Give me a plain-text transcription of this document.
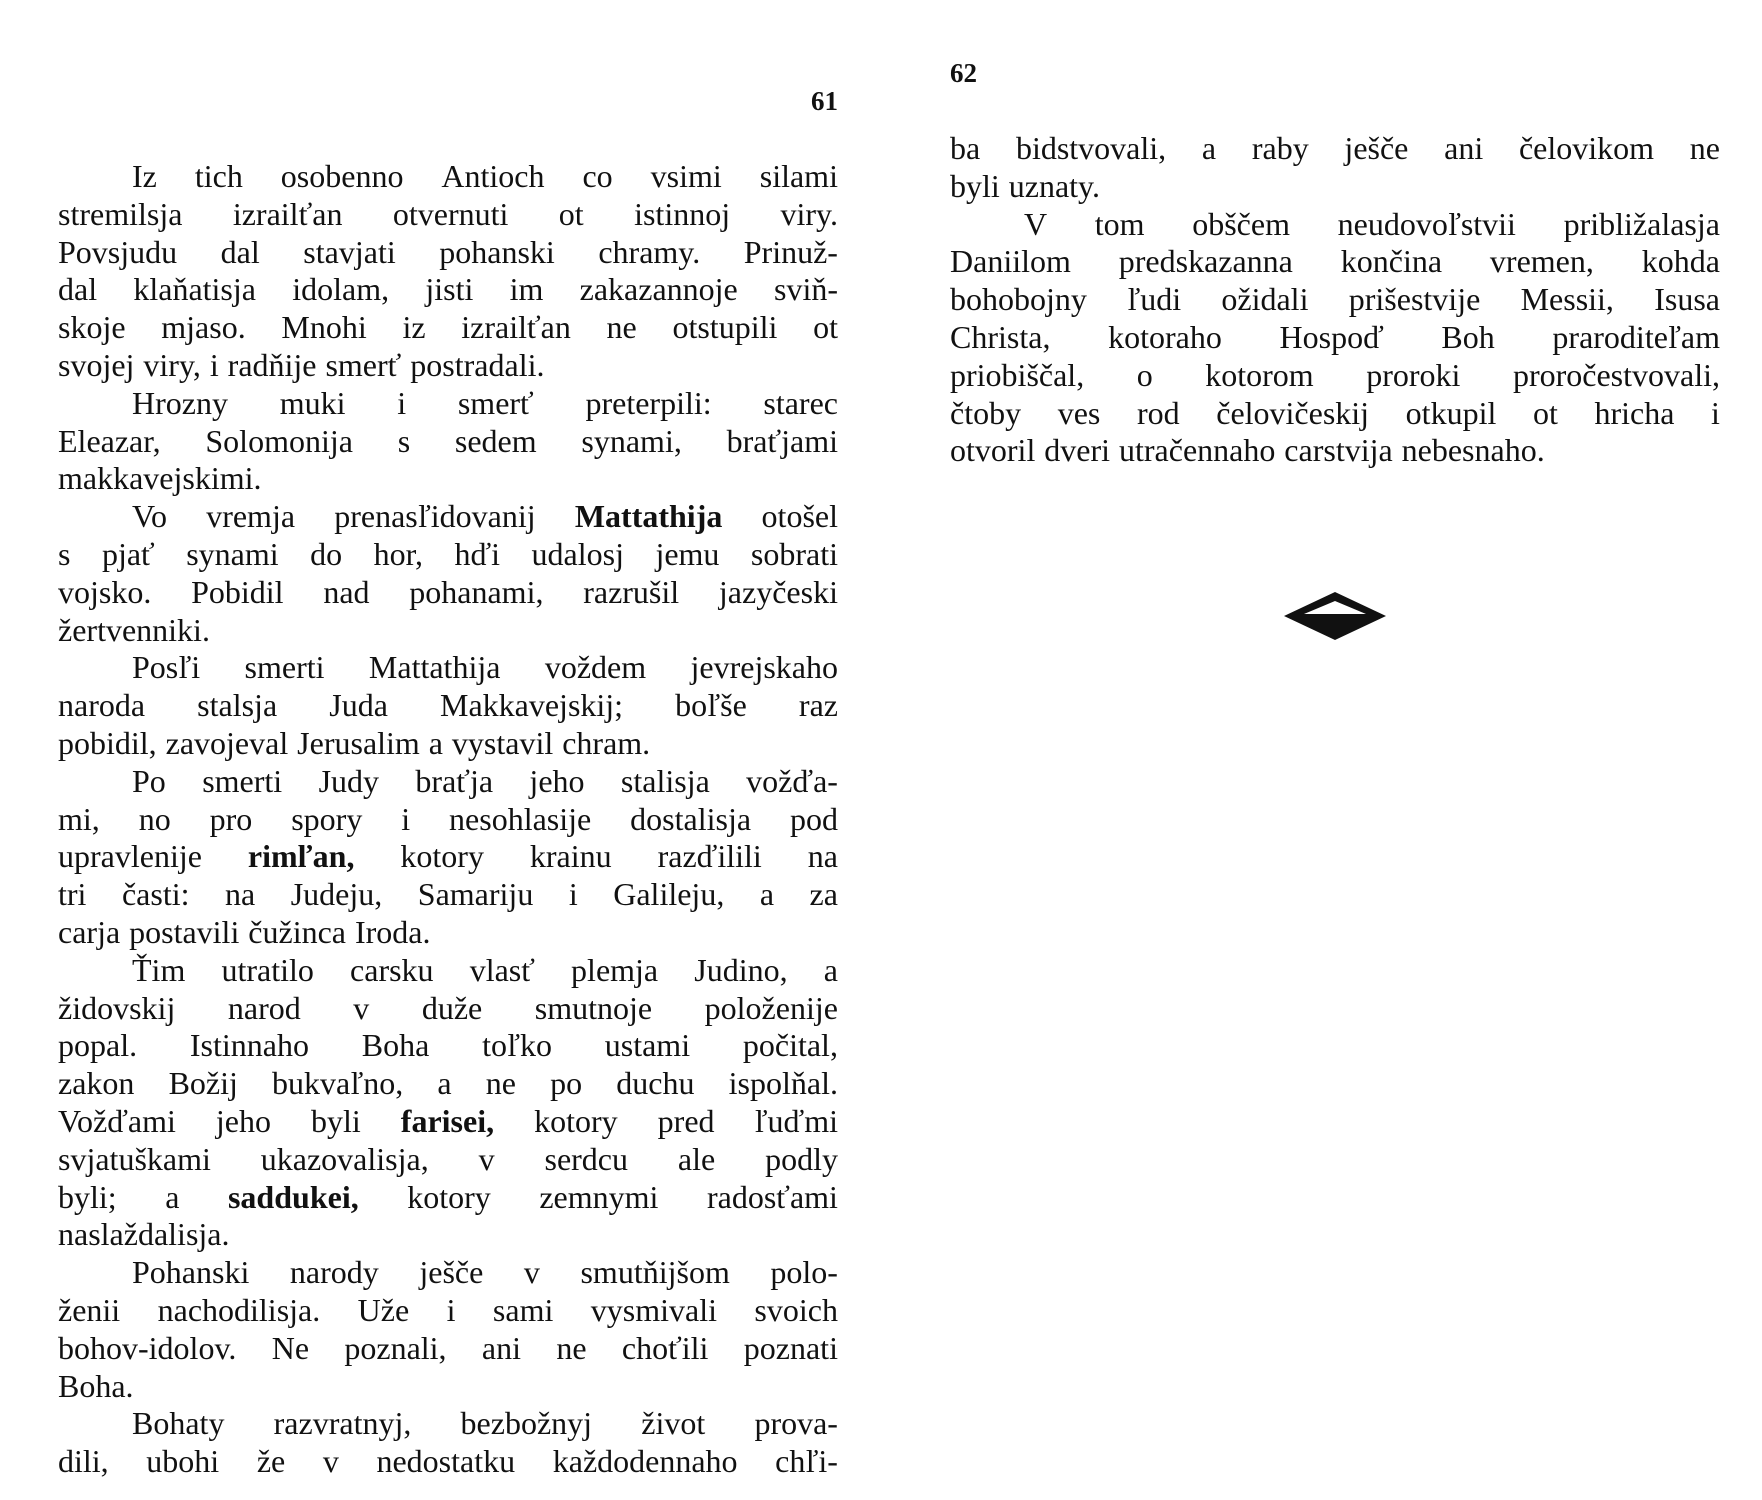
61
Iz tich osobenno Antioch co vsimi silami
stremilsja izrailťan otvernuti ot istinnoj viry.
Povsjudu dal stavjati pohanski chramy. Prinuž-
dal klaňatisja idolam, jisti im zakazannoje sviň-
skoje mjaso. Mnohi iz izrailťan ne otstupili ot
svojej viry, i radňije smerť postradali.
Hrozny muki i smerť preterpili: starec
Eleazar, Solomonija s sedem synami, braťjami
makkavejskimi.
Vo vremja prenasľidovanij Mattathija otošel
s pjať synami do hor, hďi udalosj jemu sobrati
vojsko. Pobidil nad pohanami, razrušil jazyčeski
žertvenniki.
Posľi smerti Mattathija voždem jevrejskaho
naroda stalsja Juda Makkavejskij; boľše raz
pobidil, zavojeval Jerusalim a vystavil chram.
Po smerti Judy braťja jeho stalisja vožďa-
mi, no pro spory i nesohlasije dostalisja pod
upravlenije rimľan, kotory krainu razďilili na
tri časti: na Judeju, Samariju i Galileju, a za
carja postavili čužinca Iroda.
Ťim utratilo carsku vlasť plemja Judino, a
židovskij narod v duže smutnoje položenije
popal. Istinnaho Boha toľko ustami počital,
zakon Božij bukvaľno, a ne po duchu ispolňal.
Vožďami jeho byli farisei, kotory pred ľuďmi
svjatuškami ukazovalisja, v serdcu ale podly
byli; a saddukei, kotory zemnymi radosťami
naslaždalisja.
Pohanski narody ješče v smutňijšom polo-
ženii nachodilisja. Uže i sami vysmivali svoich
bohov-idolov. Ne poznali, ani ne choťili poznati
Boha.
Bohaty razvratnyj, bezbožnyj život prova-
dili, ubohi že v nedostatku každodennaho chľi-
62
ba bidstvovali, a raby ješče ani čelovikom ne
byli uznaty.
V tom obščem neudovoľstvii približalasja
Daniilom predskazanna končina vremen, kohda
bohobojny ľudi ožidali prišestvije Messii, Isusa
Christa, kotoraho Hospoď Boh praroditeľam
priobiščal, o kotorom proroki proročestvovali,
čtoby ves rod čelovičeskij otkupil ot hricha i
otvoril dveri utračennaho carstvija nebesnaho.
